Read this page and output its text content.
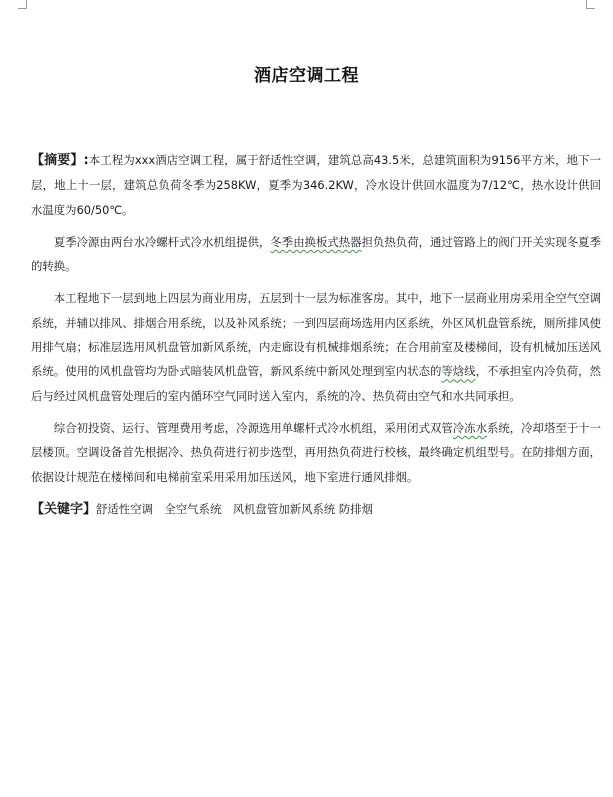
酒店空调工程

【摘要】:本工程为xxx酒店空调工程，属于舒适性空调，建筑总高43.5米，总建筑面积为9156平方米，地下一层，地上十一层，建筑总负荷冬季为258KW，夏季为346.2KW，冷水设计供回水温度为7/12℃，热水设计供回水温度为60/50℃。

夏季冷源由两台水冷螺杆式冷水机组提供，冬季由换板式热器担负热负荷，通过管路上的阀门开关实现冬夏季的转换。

本工程地下一层到地上四层为商业用房，五层到十一层为标准客房。其中，地下一层商业用房采用全空气空调系统，并辅以排风、排烟合用系统，以及补风系统；一到四层商场选用内区系统，外区风机盘管系统，厕所排风使用排气扇；标准层选用风机盘管加新风系统，内走廊设有机械排烟系统；在合用前室及楼梯间，设有机械加压送风系统。使用的风机盘管均为卧式暗装风机盘管，新风系统中新风处理到室内状态的等焓线，不承担室内冷负荷，然后与经过风机盘管处理后的室内循环空气同时送入室内，系统的冷、热负荷由空气和水共同承担。

综合初投资、运行、管理费用考虑，冷源选用单螺杆式冷水机组，采用闭式双管冷冻水系统，冷却塔至于十一层楼顶。空调设备首先根据冷、热负荷进行初步选型，再用热负荷进行校核，最终确定机组型号。在防排烟方面，依据设计规范在楼梯间和电梯前室采用采用加压送风，地下室进行通风排烟。

【关键字】舒适性空调 全空气系统 风机盘管加新风系统 防排烟
